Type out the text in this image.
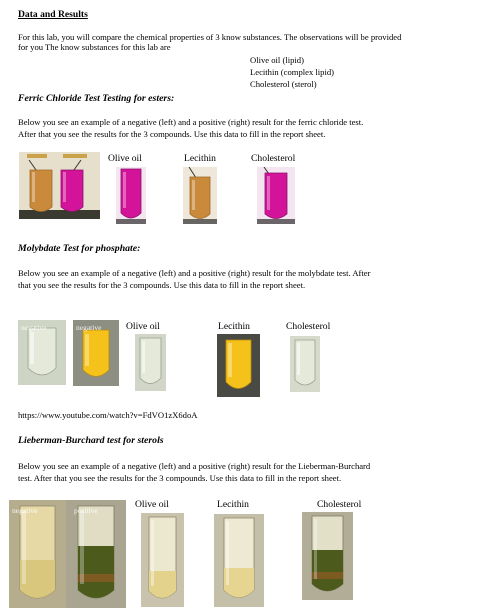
Data and Results
For this lab, you will compare the chemical properties of 3 know substances. The observations will be provided
for you The know substances for this lab are
Olive oil (lipid)
Lecithin (complex lipid)
Cholesterol (sterol)
Ferric Chloride Test Testing for esters:
Below you see an example of a negative (left) and a positive (right) result for the ferric chloride test.
After that you see the results for the 3 compounds. Use this data to fill in the report sheet.
Olive oil	Lecithin	Cholesterol
Molybdate Test for phosphate:
Below you see an example of a negative (left) and a positive (right) result for the molybdate test. After
that you see the results for the 3 compounds. Use this data to fill in the report sheet.
Olive oil	Lecithin	Cholesterol
negative	negative
https://www.youtube.com/watch?v=FdVO1zX6doA
Lieberman-Burchard test for sterols
Below you see an example of a negative (left) and a positive (right) result for the Lieberman-Burchard
test. After that you see the results for the 3 compounds. Use this data to fill in the report sheet.
Olive oil	Lecithin	Cholesterol
negative	positive
